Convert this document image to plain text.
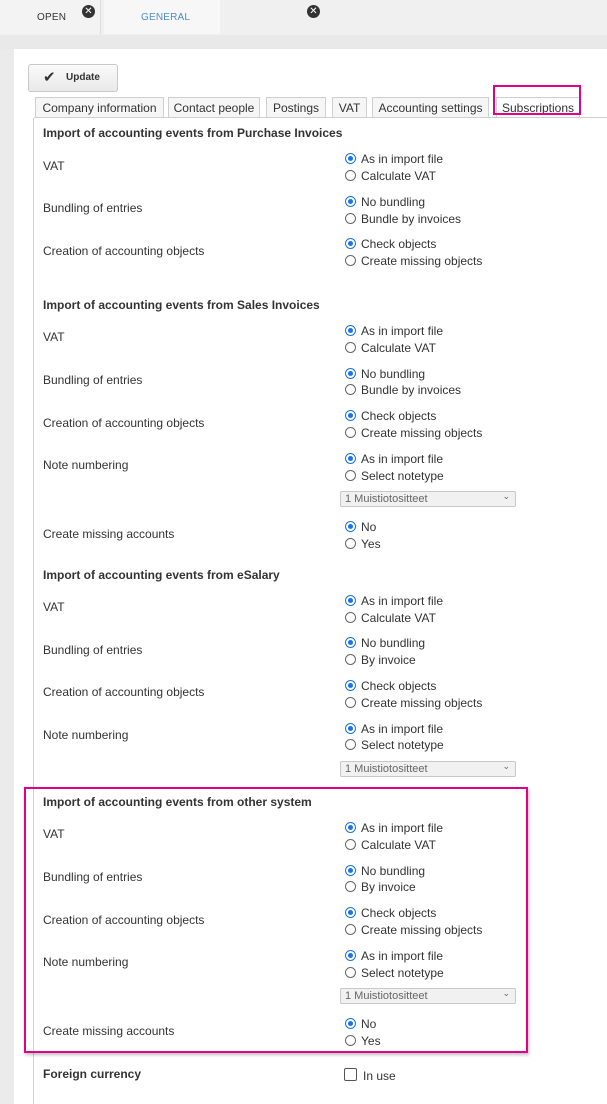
OPEN
✕
GENERAL
✕
✔ Update
Company information	Contact people	Postings	VAT	Accounting settings	Subscriptions
Import of accounting events from Purchase Invoices
VAT	As in import file
Calculate VAT
Bundling of entries	No bundling
Bundle by invoices
Creation of accounting objects	Check objects
Create missing objects
Import of accounting events from Sales Invoices
VAT	As in import file
Calculate VAT
Bundling of entries	No bundling
Bundle by invoices
Creation of accounting objects	Check objects
Create missing objects
Note numbering	As in import file
Select notetype
1 Muistiotositteet	⌄
Create missing accounts	No
Yes
Import of accounting events from eSalary
VAT	As in import file
Calculate VAT
Bundling of entries	No bundling
By invoice
Creation of accounting objects	Check objects
Create missing objects
Note numbering	As in import file
Select notetype
1 Muistiotositteet	⌄
Import of accounting events from other system
VAT	As in import file
Calculate VAT
Bundling of entries	No bundling
By invoice
Creation of accounting objects	Check objects
Create missing objects
Note numbering	As in import file
Select notetype
1 Muistiotositteet	⌄
Create missing accounts	No
Yes
Foreign currency	In use
